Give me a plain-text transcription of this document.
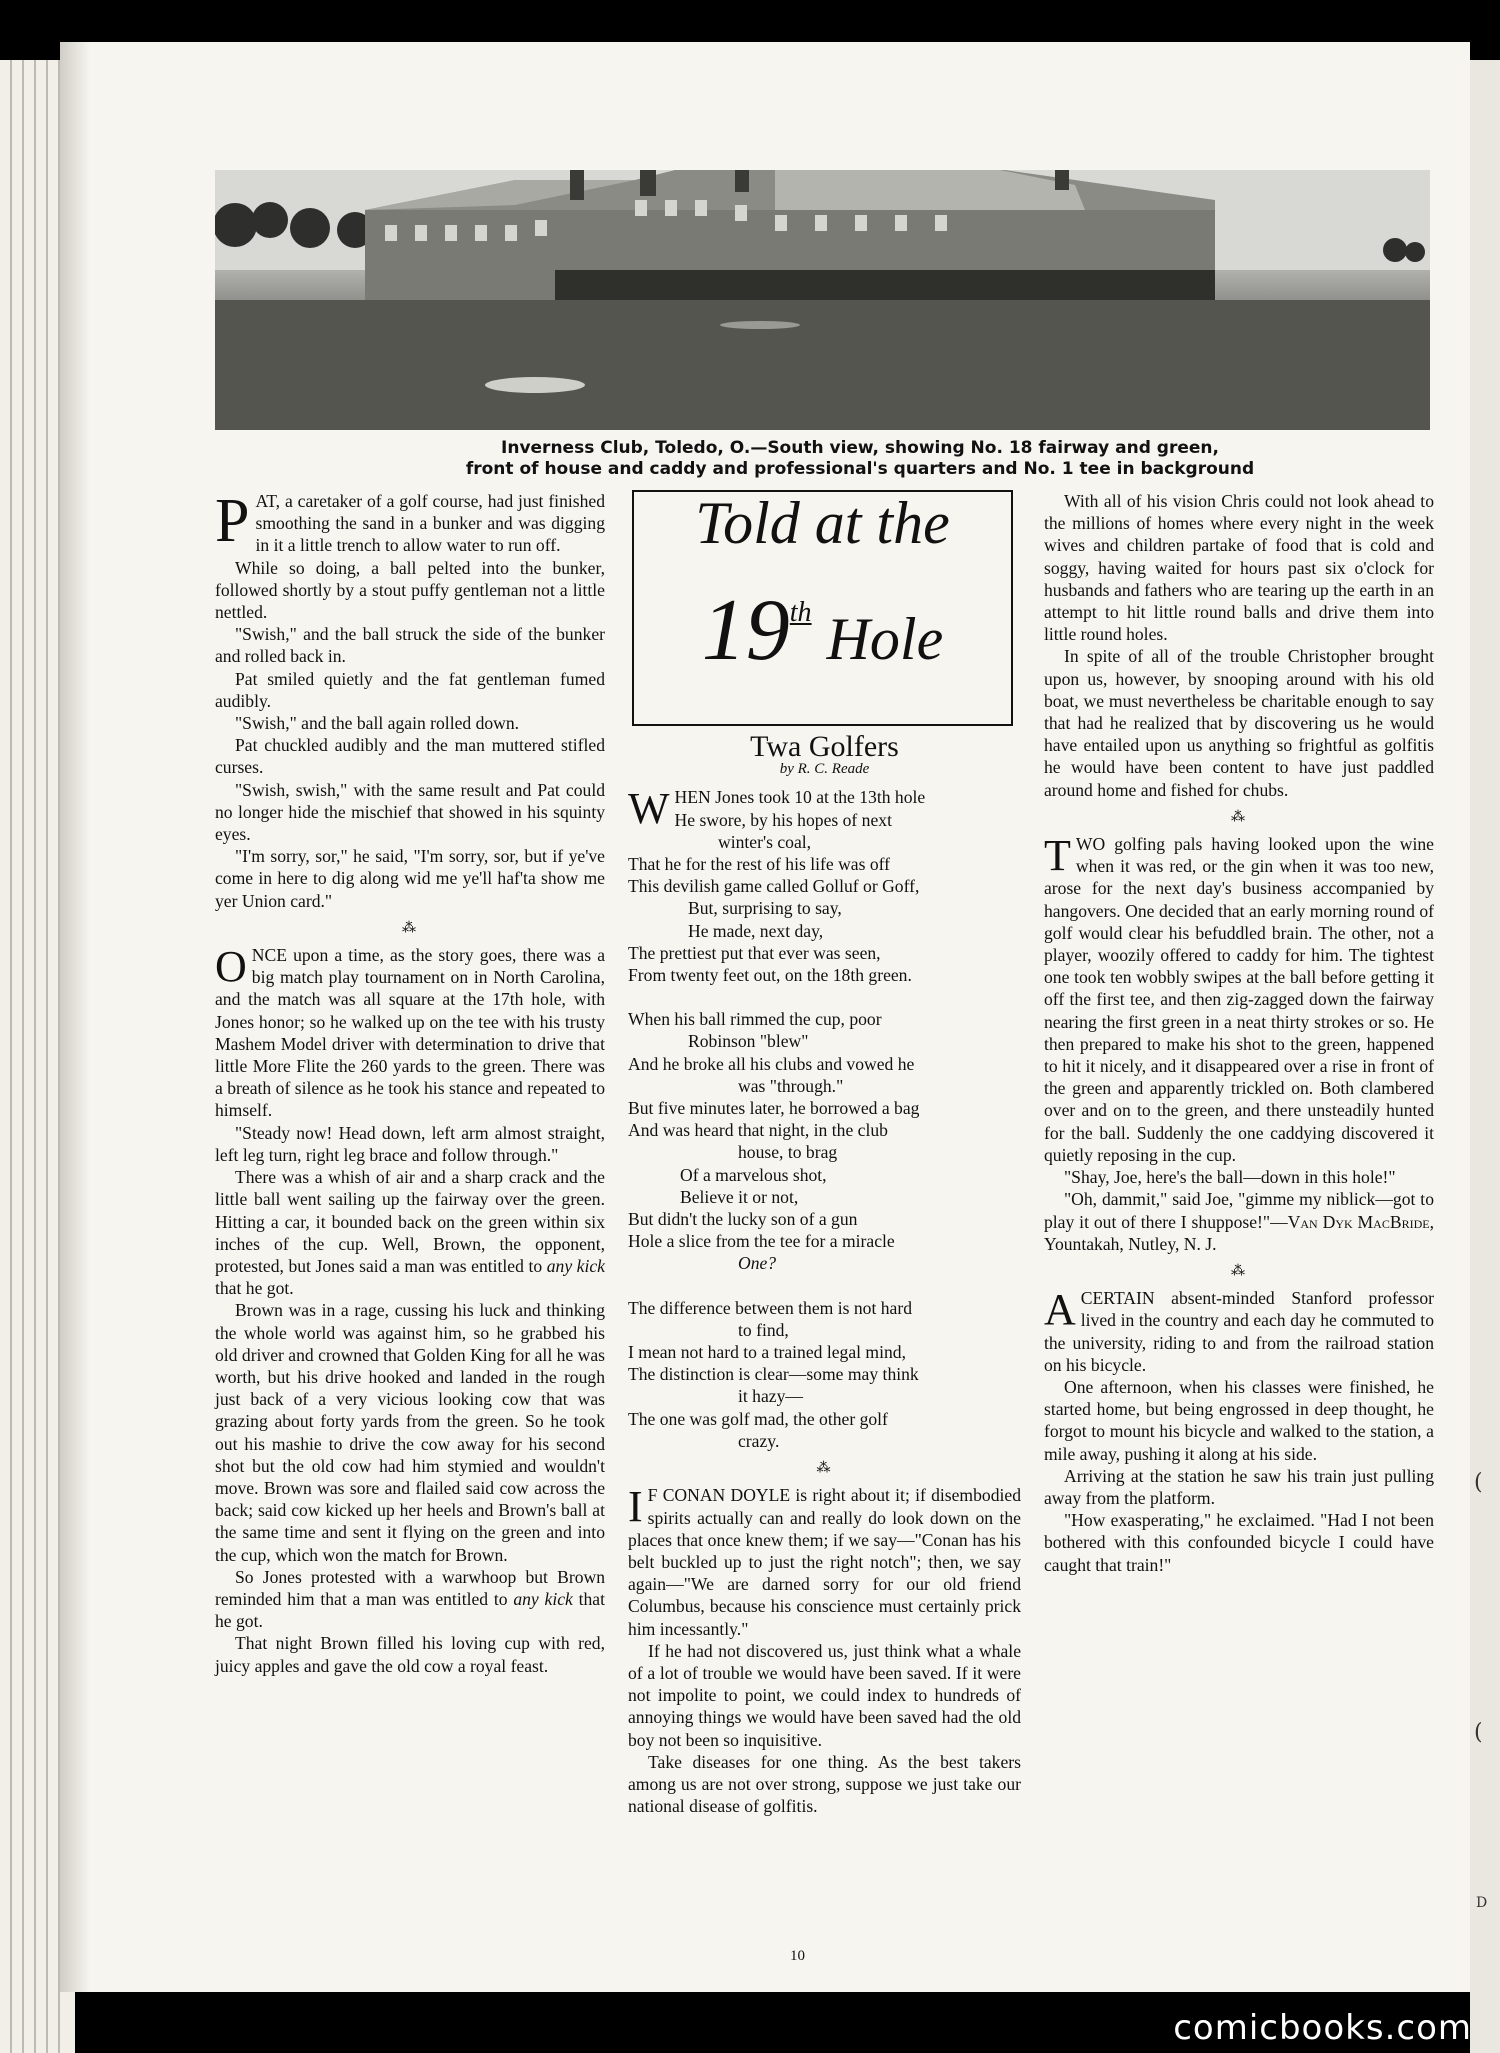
(
(
D
Inverness Club, Toledo, O.—South view, showing No. 18 fairway and green,
front of house and caddy and professional's quarters and No. 1 tee in background

PAT, a caretaker of a golf course, had just finished smoothing the sand in a bunker and was digging in it a little trench to allow water to run off.

While so doing, a ball pelted into the bunker, followed shortly by a stout puffy gentleman not a little nettled.

"Swish," and the ball struck the side of the bunker and rolled back in.

Pat smiled quietly and the fat gentleman fumed audibly.

"Swish," and the ball again rolled down.

Pat chuckled audibly and the man muttered stifled curses.

"Swish, swish," with the same result and Pat could no longer hide the mischief that showed in his squinty eyes.

"I'm sorry, sor," he said, "I'm sorry, sor, but if ye've come in here to dig along wid me ye'll haf'ta show me yer Union card."

⁂

ONCE upon a time, as the story goes, there was a big match play tournament on in North Carolina, and the match was all square at the 17th hole, with Jones honor; so he walked up on the tee with his trusty Mashem Model driver with determination to drive that little More Flite the 260 yards to the green. There was a breath of silence as he took his stance and repeated to himself.

"Steady now! Head down, left arm almost straight, left leg turn, right leg brace and follow through."

There was a whish of air and a sharp crack and the little ball went sailing up the fairway over the green. Hitting a car, it bounded back on the green within six inches of the cup. Well, Brown, the opponent, protested, but Jones said a man was entitled to any kick that he got.

Brown was in a rage, cussing his luck and thinking the whole world was against him, so he grabbed his old driver and crowned that Golden King for all he was worth, but his drive hooked and landed in the rough just back of a very vicious looking cow that was grazing about forty yards from the green. So he took out his mashie to drive the cow away for his second shot but the old cow had him stymied and wouldn't move. Brown was sore and flailed said cow across the back; said cow kicked up her heels and Brown's ball at the same time and sent it flying on the green and into the cup, which won the match for Brown.

So Jones protested with a warwhoop but Brown reminded him that a man was entitled to any kick that he got.

That night Brown filled his loving cup with red, juicy apples and gave the old cow a royal feast.

Told at the
19th Hole
Twa Golfers
by R. C. Reade

WHEN Jones took 10 at the 13th hole

He swore, by his hopes of next

winter's coal,

That he for the rest of his life was off

This devilish game called Golluf or Goff,

But, surprising to say,

He made, next day,

The prettiest put that ever was seen,

From twenty feet out, on the 18th green.

When his ball rimmed the cup, poor

Robinson "blew"

And he broke all his clubs and vowed he

was "through."

But five minutes later, he borrowed a bag

And was heard that night, in the club

house, to brag

Of a marvelous shot,

Believe it or not,

But didn't the lucky son of a gun

Hole a slice from the tee for a miracle

One?

The difference between them is not hard

to find,

I mean not hard to a trained legal mind,

The distinction is clear—some may think

it hazy—

The one was golf mad, the other golf

crazy.

⁂

I F CONAN DOYLE is right about it; if disembodied spirits actually can and really do look down on the places that once knew them; if we say—"Conan has his belt buckled up to just the right notch"; then, we say again—"We are darned sorry for our old friend Columbus, because his conscience must certainly prick him incessantly."

If he had not discovered us, just think what a whale of a lot of trouble we would have been saved. If it were not impolite to point, we could index to hundreds of annoying things we would have been saved had the old boy not been so inquisitive.

Take diseases for one thing. As the best takers among us are not over strong, suppose we just take our national disease of golfitis.

With all of his vision Chris could not look ahead to the millions of homes where every night in the week wives and children partake of food that is cold and soggy, having waited for hours past six o'clock for husbands and fathers who are tearing up the earth in an attempt to hit little round balls and drive them into little round holes.

In spite of all of the trouble Christopher brought upon us, however, by snooping around with his old boat, we must nevertheless be charitable enough to say that had he realized that by discovering us he would have entailed upon us anything so frightful as golfitis he would have been content to have just paddled around home and fished for chubs.

⁂

TWO golfing pals having looked upon the wine when it was red, or the gin when it was too new, arose for the next day's business accompanied by hangovers. One decided that an early morning round of golf would clear his befuddled brain. The other, not a player, woozily offered to caddy for him. The tightest one took ten wobbly swipes at the ball before getting it off the first tee, and then zig-zagged down the fairway nearing the first green in a neat thirty strokes or so. He then prepared to make his shot to the green, happened to hit it nicely, and it disappeared over a rise in front of the green and apparently trickled on. Both clambered over and on to the green, and there unsteadily hunted for the ball. Suddenly the one caddying discovered it quietly reposing in the cup.

"Shay, Joe, here's the ball—down in this hole!"

"Oh, dammit," said Joe, "gimme my niblick—got to play it out of there I shuppose!"—Van Dyk MacBride, Yountakah, Nutley, N. J.

⁂

A CERTAIN absent-minded Stanford professor lived in the country and each day he commuted to the university, riding to and from the railroad station on his bicycle.

One afternoon, when his classes were finished, he started home, but being engrossed in deep thought, he forgot to mount his bicycle and walked to the station, a mile away, pushing it along at his side.

Arriving at the station he saw his train just pulling away from the platform.

"How exasperating," he exclaimed. "Had I not been bothered with this confounded bicycle I could have caught that train!"

10
comicbooks.com
